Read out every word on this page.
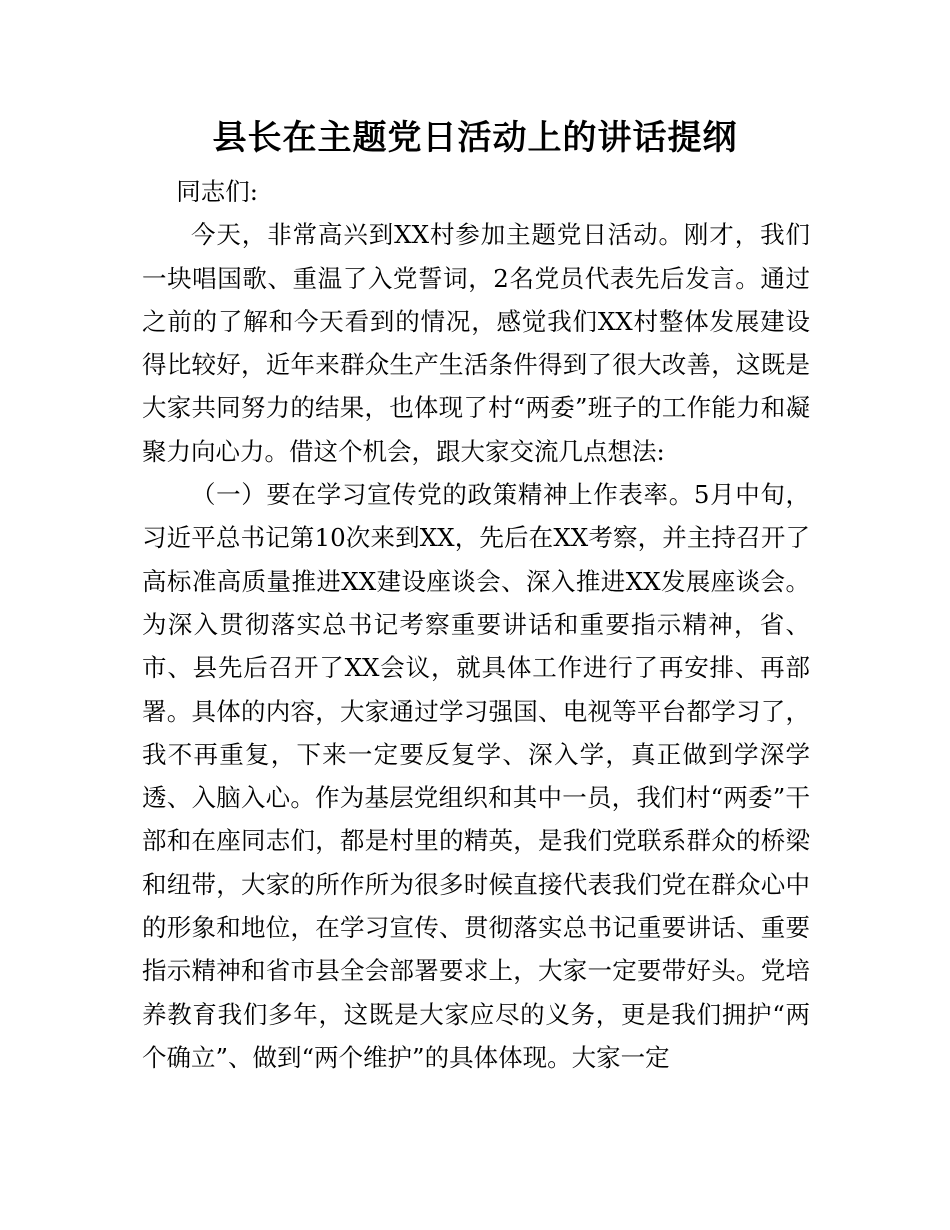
县长在主题党日活动上的讲话提纲

同志们:

今天，非常高兴到XX村参加主题党日活动。刚才，我们一块唱国歌、重温了入党誓词，2名党员代表先后发言。通过之前的了解和今天看到的情况，感觉我们XX村整体发展建设得比较好，近年来群众生产生活条件得到了很大改善，这既是大家共同努力的结果，也体现了村“两委”班子的工作能力和凝聚力向心力。借这个机会，跟大家交流几点想法:

（一）要在学习宣传党的政策精神上作表率。5月中旬，习近平总书记第10次来到XX，先后在XX考察，并主持召开了高标准高质量推进XX建设座谈会、深入推进XX发展座谈会。为深入贯彻落实总书记考察重要讲话和重要指示精神，省、市、县先后召开了XX会议，就具体工作进行了再安排、再部署。具体的内容，大家通过学习强国、电视等平台都学习了，我不再重复，下来一定要反复学、深入学，真正做到学深学透、入脑入心。作为基层党组织和其中一员，我们村“两委”干部和在座同志们，都是村里的精英，是我们党联系群众的桥梁和纽带，大家的所作所为很多时候直接代表我们党在群众心中的形象和地位，在学习宣传、贯彻落实总书记重要讲话、重要指示精神和省市县全会部署要求上，大家一定要带好头。党培养教育我们多年，这既是大家应尽的义务，更是我们拥护“两个确立”、做到“两个维护”的具体体现。大家一定
